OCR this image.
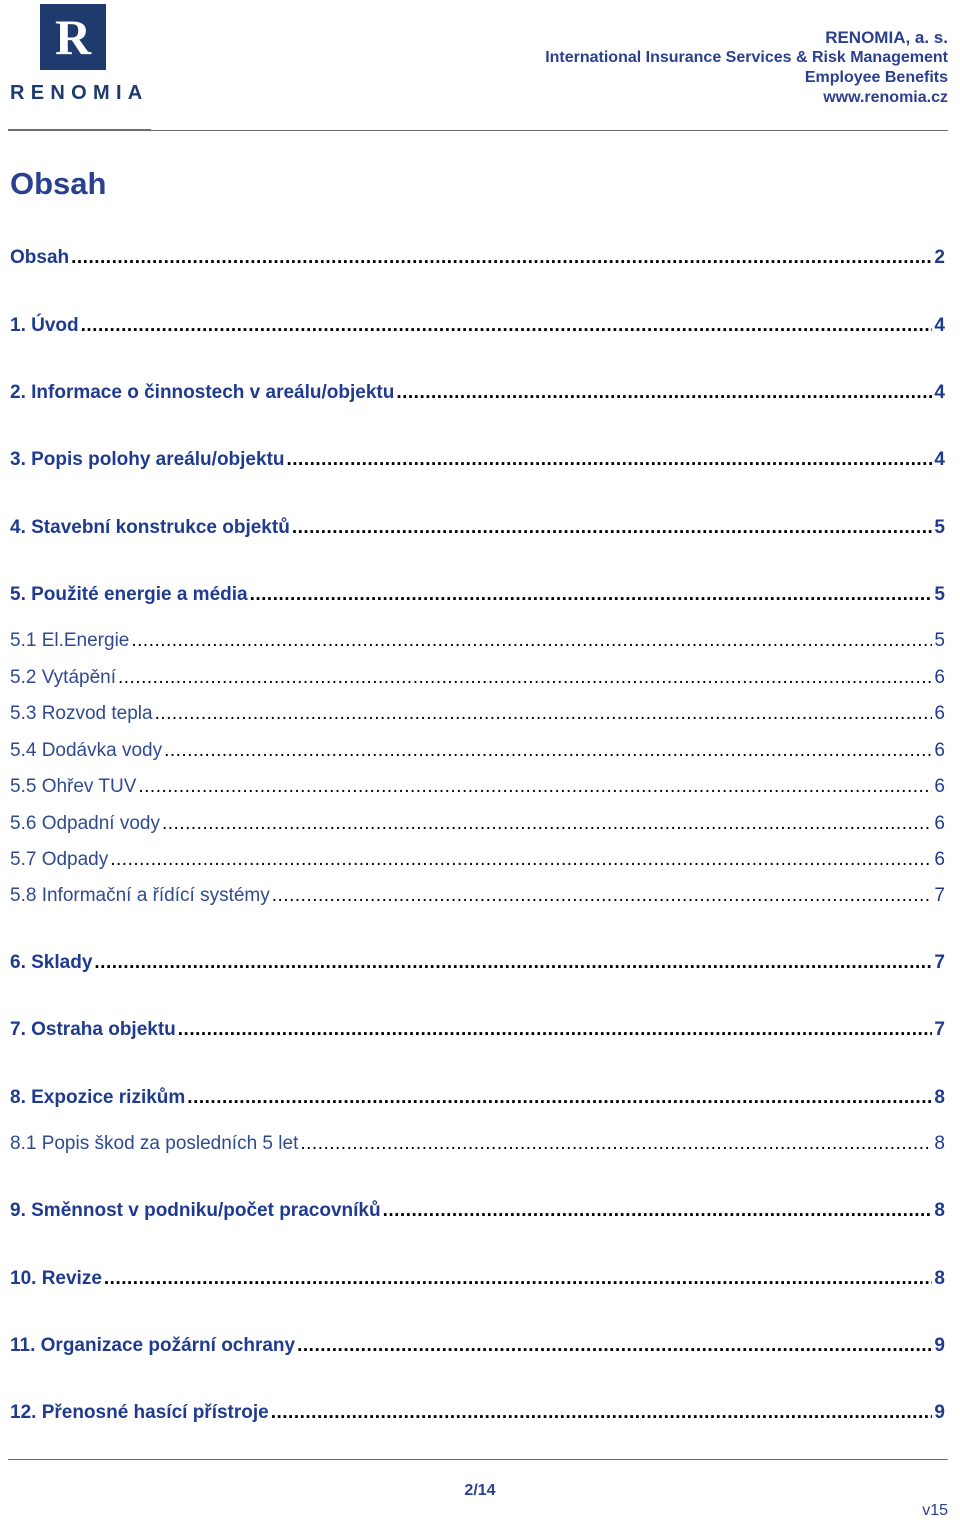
R
RENOMIA
RENOMIA, a. s.
International Insurance Services & Risk Management
Employee Benefits
www.renomia.cz
Obsah
Obsah .....	2
1. Úvod .....	4
2. Informace o činnostech v areálu/objektu .....	4
3. Popis polohy areálu/objektu .....	4
4. Stavební konstrukce objektů .....	5
5. Použité energie a média .....	5
5.1 El.Energie .....	5
5.2 Vytápění .....	6
5.3 Rozvod tepla .....	6
5.4 Dodávka vody .....	6
5.5 Ohřev TUV .....	6
5.6 Odpadní vody .....	6
5.7 Odpady .....	6
5.8 Informační a řídící systémy .....	7
6. Sklady .....	7
7. Ostraha objektu .....	7
8. Expozice rizikům .....	8
8.1 Popis škod za posledních 5 let .....	8
9. Směnnost v podniku/počet pracovníků .....	8
10. Revize .....	8
11. Organizace požární ochrany .....	9
12. Přenosné hasící přístroje .....	9
2/14
v15
